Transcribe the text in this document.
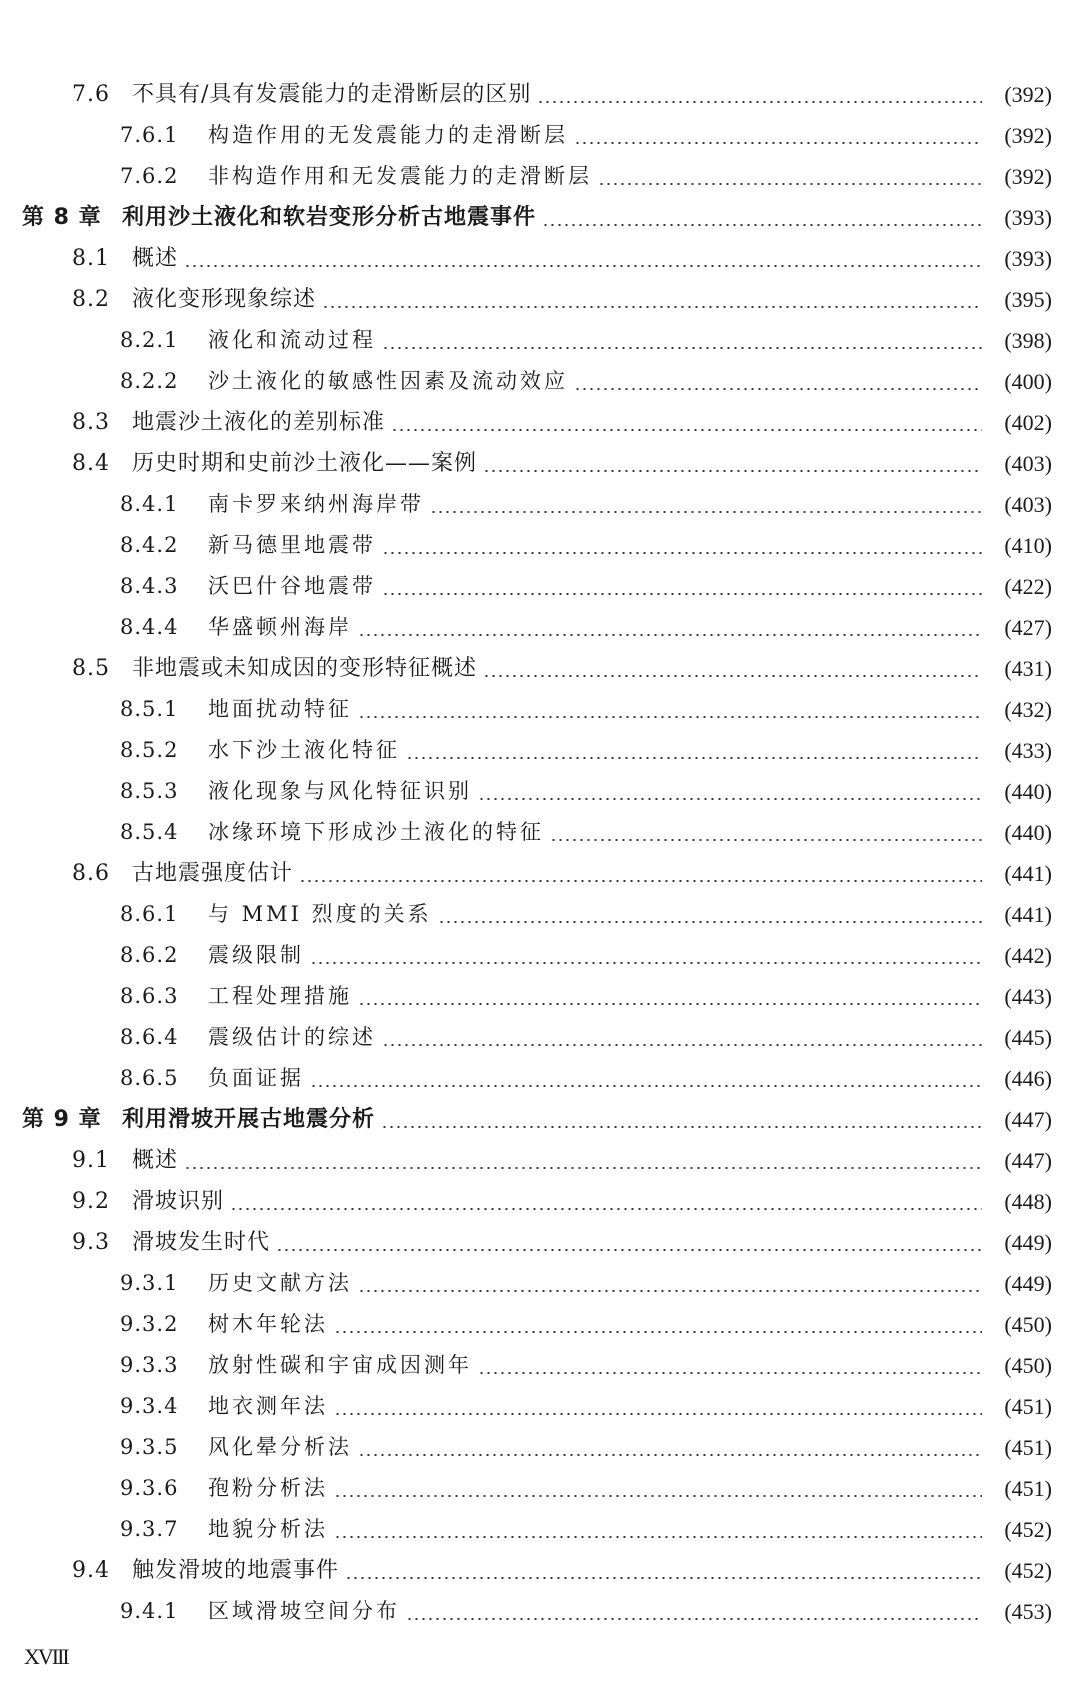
7.6	不具有/具有发震能力的走滑断层的区别	(392)
7.6.1	构造作用的无发震能力的走滑断层	(392)
7.6.2	非构造作用和无发震能力的走滑断层	(392)
第 8 章 利用沙土液化和软岩变形分析古地震事件	(393)
8.1	概述	(393)
8.2	液化变形现象综述	(395)
8.2.1	液化和流动过程	(398)
8.2.2	沙土液化的敏感性因素及流动效应	(400)
8.3	地震沙土液化的差别标准	(402)
8.4	历史时期和史前沙土液化——案例	(403)
8.4.1	南卡罗来纳州海岸带	(403)
8.4.2	新马德里地震带	(410)
8.4.3	沃巴什谷地震带	(422)
8.4.4	华盛顿州海岸	(427)
8.5	非地震或未知成因的变形特征概述	(431)
8.5.1	地面扰动特征	(432)
8.5.2	水下沙土液化特征	(433)
8.5.3	液化现象与风化特征识别	(440)
8.5.4	冰缘环境下形成沙土液化的特征	(440)
8.6	古地震强度估计	(441)
8.6.1	与 MMI 烈度的关系	(441)
8.6.2	震级限制	(442)
8.6.3	工程处理措施	(443)
8.6.4	震级估计的综述	(445)
8.6.5	负面证据	(446)
第 9 章 利用滑坡开展古地震分析	(447)
9.1	概述	(447)
9.2	滑坡识别	(448)
9.3	滑坡发生时代	(449)
9.3.1	历史文献方法	(449)
9.3.2	树木年轮法	(450)
9.3.3	放射性碳和宇宙成因测年	(450)
9.3.4	地衣测年法	(451)
9.3.5	风化晕分析法	(451)
9.3.6	孢粉分析法	(451)
9.3.7	地貌分析法	(452)
9.4	触发滑坡的地震事件	(452)
9.4.1	区域滑坡空间分布	(453)
XVIII
